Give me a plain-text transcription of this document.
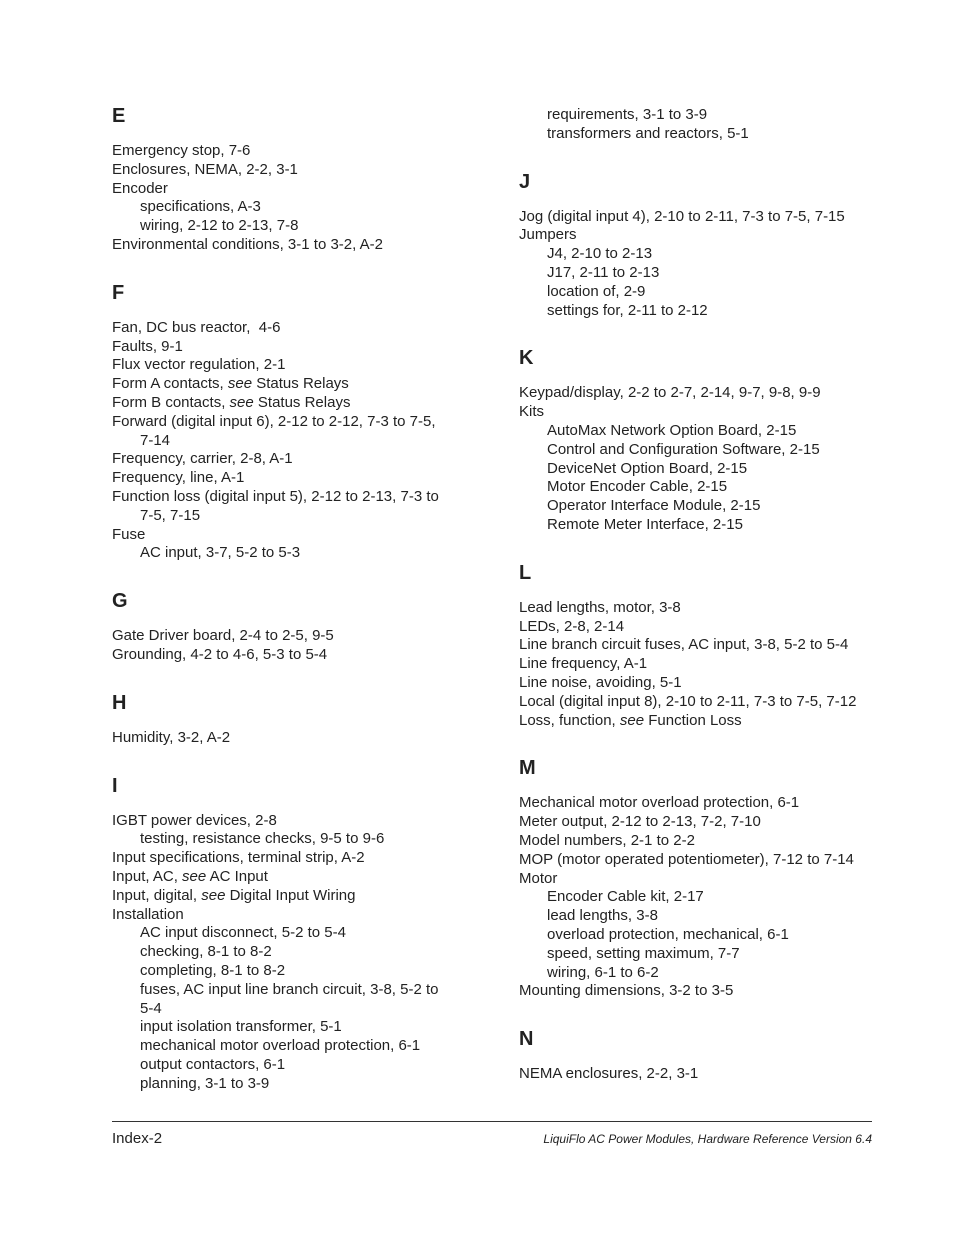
E
Emergency stop, 7-6
Enclosures, NEMA, 2-2, 3-1
Encoder
specifications, A-3
wiring, 2-12 to 2-13, 7-8
Environmental conditions, 3-1 to 3-2, A-2
F
Fan, DC bus reactor,  4-6
Faults, 9-1
Flux vector regulation, 2-1
Form A contacts, see Status Relays
Form B contacts, see Status Relays
Forward (digital input 6), 2-12 to 2-12, 7-3 to 7-5,
7-14
Frequency, carrier, 2-8, A-1
Frequency, line, A-1
Function loss (digital input 5), 2-12 to 2-13, 7-3 to
7-5, 7-15
Fuse
AC input, 3-7, 5-2 to 5-3
G
Gate Driver board, 2-4 to 2-5, 9-5
Grounding, 4-2 to 4-6, 5-3 to 5-4
H
Humidity, 3-2, A-2
I
IGBT power devices, 2-8
testing, resistance checks, 9-5 to 9-6
Input specifications, terminal strip, A-2
Input, AC, see AC Input
Input, digital, see Digital Input Wiring
Installation
AC input disconnect, 5-2 to 5-4
checking, 8-1 to 8-2
completing, 8-1 to 8-2
fuses, AC input line branch circuit, 3-8, 5-2 to
5-4
input isolation transformer, 5-1
mechanical motor overload protection, 6-1
output contactors, 6-1
planning, 3-1 to 3-9
requirements, 3-1 to 3-9
transformers and reactors, 5-1
J
Jog (digital input 4), 2-10 to 2-11, 7-3 to 7-5, 7-15
Jumpers
J4, 2-10 to 2-13
J17, 2-11 to 2-13
location of, 2-9
settings for, 2-11 to 2-12
K
Keypad/display, 2-2 to 2-7, 2-14, 9-7, 9-8, 9-9
Kits
AutoMax Network Option Board, 2-15
Control and Configuration Software, 2-15
DeviceNet Option Board, 2-15
Motor Encoder Cable, 2-15
Operator Interface Module, 2-15
Remote Meter Interface, 2-15
L
Lead lengths, motor, 3-8
LEDs, 2-8, 2-14
Line branch circuit fuses, AC input, 3-8, 5-2 to 5-4
Line frequency, A-1
Line noise, avoiding, 5-1
Local (digital input 8), 2-10 to 2-11, 7-3 to 7-5, 7-12
Loss, function, see Function Loss
M
Mechanical motor overload protection, 6-1
Meter output, 2-12 to 2-13, 7-2, 7-10
Model numbers, 2-1 to 2-2
MOP (motor operated potentiometer), 7-12 to 7-14
Motor
Encoder Cable kit, 2-17
lead lengths, 3-8
overload protection, mechanical, 6-1
speed, setting maximum, 7-7
wiring, 6-1 to 6-2
Mounting dimensions, 3-2 to 3-5
N
NEMA enclosures, 2-2, 3-1
Index-2	LiquiFlo AC Power Modules, Hardware Reference Version 6.4
